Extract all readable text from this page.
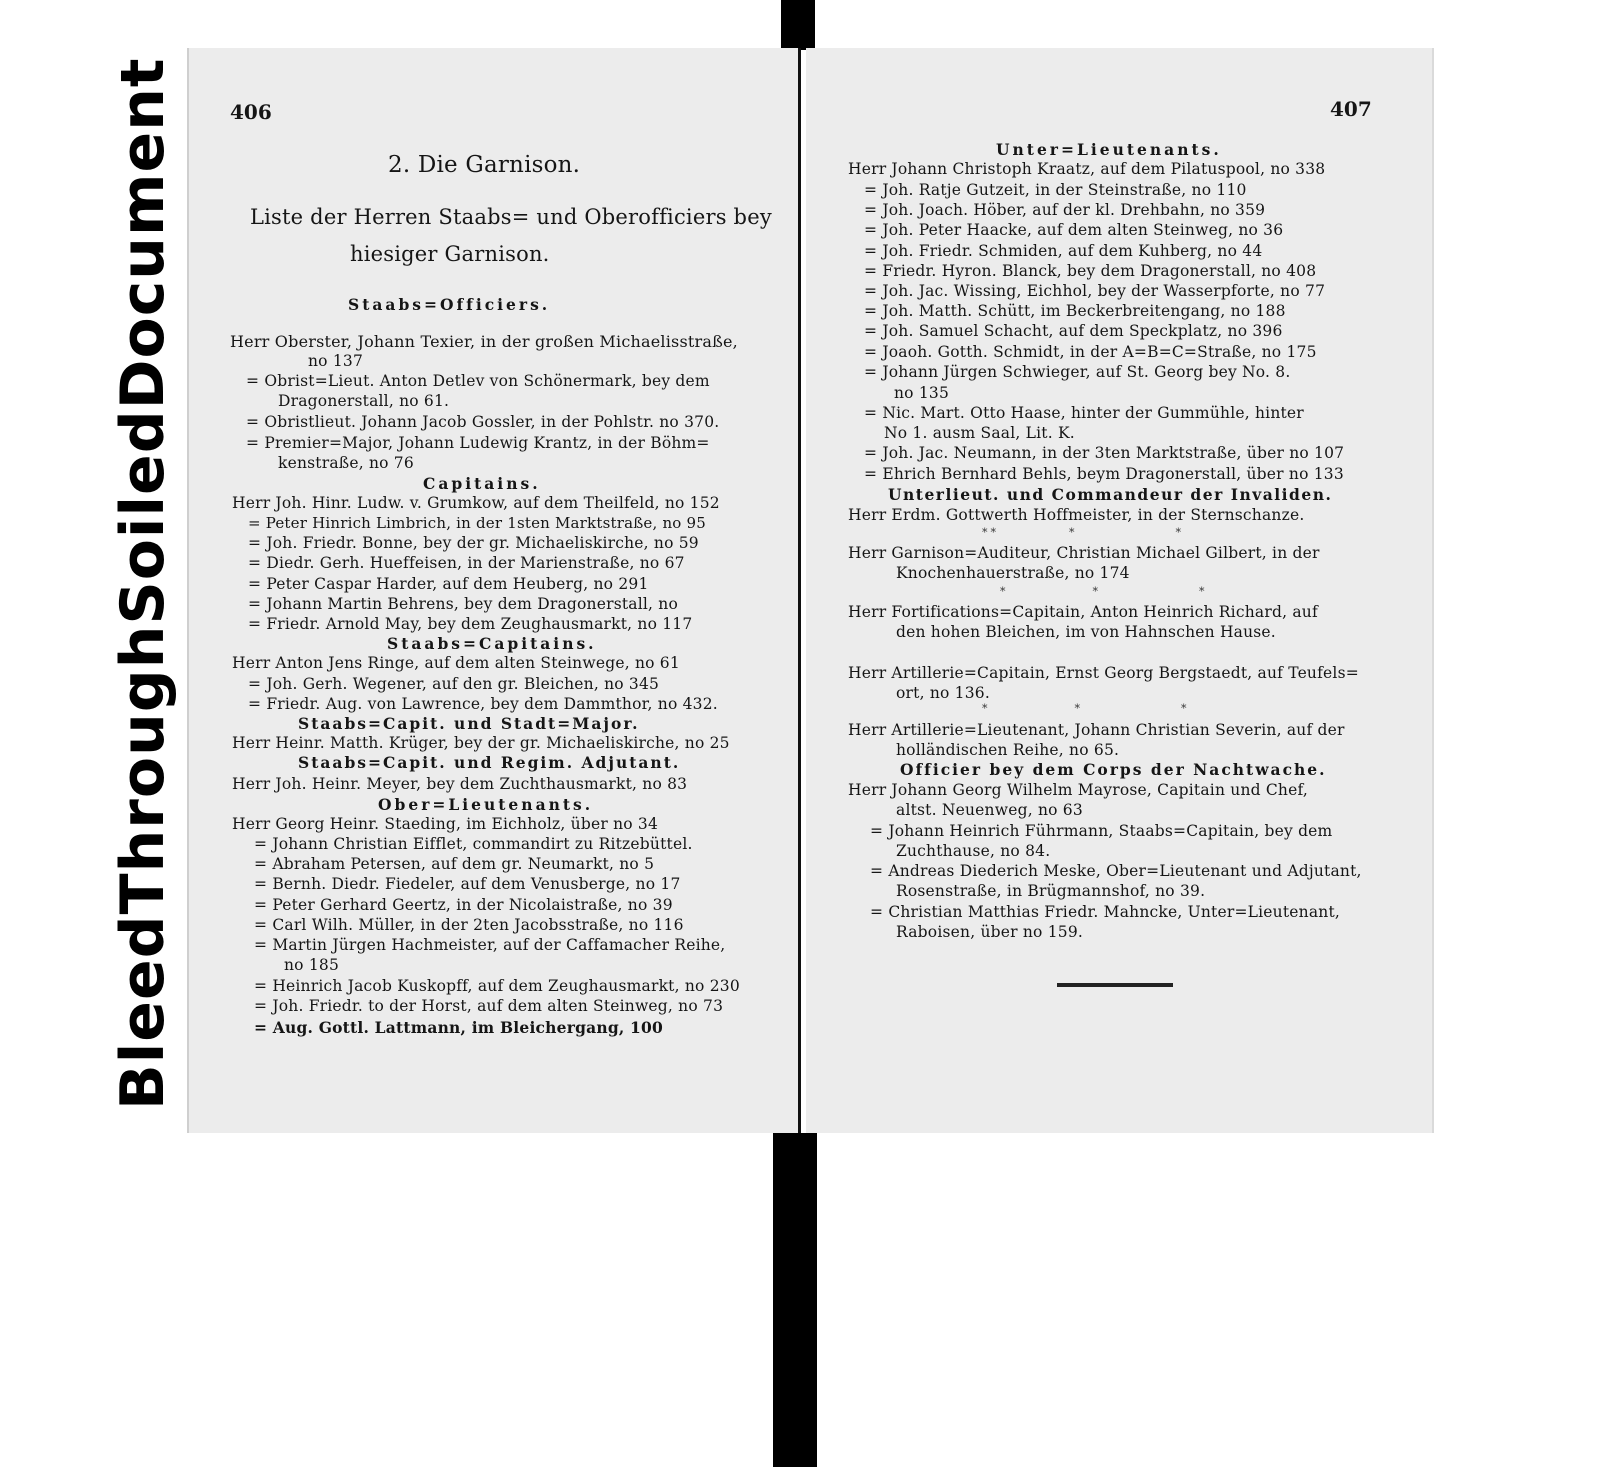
Bleed
Through
Soiled
Document	406
2. Die Garnison.
Liste der Herren Staabs= und Oberofficiers bey
hiesiger Garnison.
Staabs=Officiers.
Herr Oberster, Johann Texier, in der großen Michaelisstraße,
no 137
= Obrist=Lieut. Anton Detlev von Schönermark, bey dem
Dragonerstall, no 61.
= Obristlieut. Johann Jacob Gossler, in der Pohlstr. no 370.
= Premier=Major, Johann Ludewig Krantz, in der Böhm=
kenstraße, no 76
Capitains.
Herr Joh. Hinr. Ludw. v. Grumkow, auf dem Theilfeld, no 152
= Peter Hinrich Limbrich, in der 1sten Marktstraße, no 95
= Joh. Friedr. Bonne, bey der gr. Michaeliskirche, no 59
= Diedr. Gerh. Hueffeisen, in der Marienstraße, no 67
= Peter Caspar Harder, auf dem Heuberg, no 291
= Johann Martin Behrens, bey dem Dragonerstall, no
= Friedr. Arnold May, bey dem Zeughausmarkt, no 117
Staabs=Capitains.
Herr Anton Jens Ringe, auf dem alten Steinwege, no 61
= Joh. Gerh. Wegener, auf den gr. Bleichen, no 345
= Friedr. Aug. von Lawrence, bey dem Dammthor, no 432.
Staabs=Capit. und Stadt=Major.
Herr Heinr. Matth. Krüger, bey der gr. Michaeliskirche, no 25
Staabs=Capit. und Regim. Adjutant.
Herr Joh. Heinr. Meyer, bey dem Zuchthausmarkt, no 83
Ober=Lieutenants.
Herr Georg Heinr. Staeding, im Eichholz, über no 34
= Johann Christian Eifflet, commandirt zu Ritzebüttel.
= Abraham Petersen, auf dem gr. Neumarkt, no 5
= Bernh. Diedr. Fiedeler, auf dem Venusberge, no 17
= Peter Gerhard Geertz, in der Nicolaistraße, no 39
= Carl Wilh. Müller, in der 2ten Jacobsstraße, no 116
= Martin Jürgen Hachmeister, auf der Caffamacher Reihe,
no 185
= Heinrich Jacob Kuskopff, auf dem Zeughausmarkt, no 230
= Joh. Friedr. to der Horst, auf dem alten Steinweg, no 73
= Aug. Gottl. Lattmann, im Bleichergang, 100
407
Unter=Lieutenants.
Herr Johann Christoph Kraatz, auf dem Pilatuspool, no 338
= Joh. Ratje Gutzeit, in der Steinstraße, no 110
= Joh. Joach. Höber, auf der kl. Drehbahn, no 359
= Joh. Peter Haacke, auf dem alten Steinweg, no 36
= Joh. Friedr. Schmiden, auf dem Kuhberg, no 44
= Friedr. Hyron. Blanck, bey dem Dragonerstall, no 408
= Joh. Jac. Wissing, Eichhol, bey der Wasserpforte, no 77
= Joh. Matth. Schütt, im Beckerbreitengang, no 188
= Joh. Samuel Schacht, auf dem Speckplatz, no 396
= Joaoh. Gotth. Schmidt, in der A=B=C=Straße, no 175
= Johann Jürgen Schwieger, auf St. Georg bey No. 8.
no 135
= Nic. Mart. Otto Haase, hinter der Gummühle, hinter
No 1. ausm Saal, Lit. K.
= Joh. Jac. Neumann, in der 3ten Marktstraße, über no 107
= Ehrich Bernhard Behls, beym Dragonerstall, über no 133
Unterlieut. und Commandeur der Invaliden.
Herr Erdm. Gottwerth Hoffmeister, in der Sternschanze.
*​*     *       *
Herr Garnison=Auditeur, Christian Michael Gilbert, in der
Knochenhauerstraße, no 174
*      *       *
Herr Fortifications=Capitain, Anton Heinrich Richard, auf
den hohen Bleichen, im von Hahnschen Hause.
Herr Artillerie=Capitain, Ernst Georg Bergstaedt, auf Teufels=
ort, no 136.
*      *       *
Herr Artillerie=Lieutenant, Johann Christian Severin, auf der
holländischen Reihe, no 65.
Officier bey dem Corps der Nachtwache.
Herr Johann Georg Wilhelm Mayrose, Capitain und Chef,
altst. Neuenweg, no 63
= Johann Heinrich Führmann, Staabs=Capitain, bey dem
Zuchthause, no 84.
= Andreas Diederich Meske, Ober=Lieutenant und Adjutant,
Rosenstraße, in Brügmannshof, no 39.
= Christian Matthias Friedr. Mahncke, Unter=Lieutenant,
Raboisen, über no 159.
